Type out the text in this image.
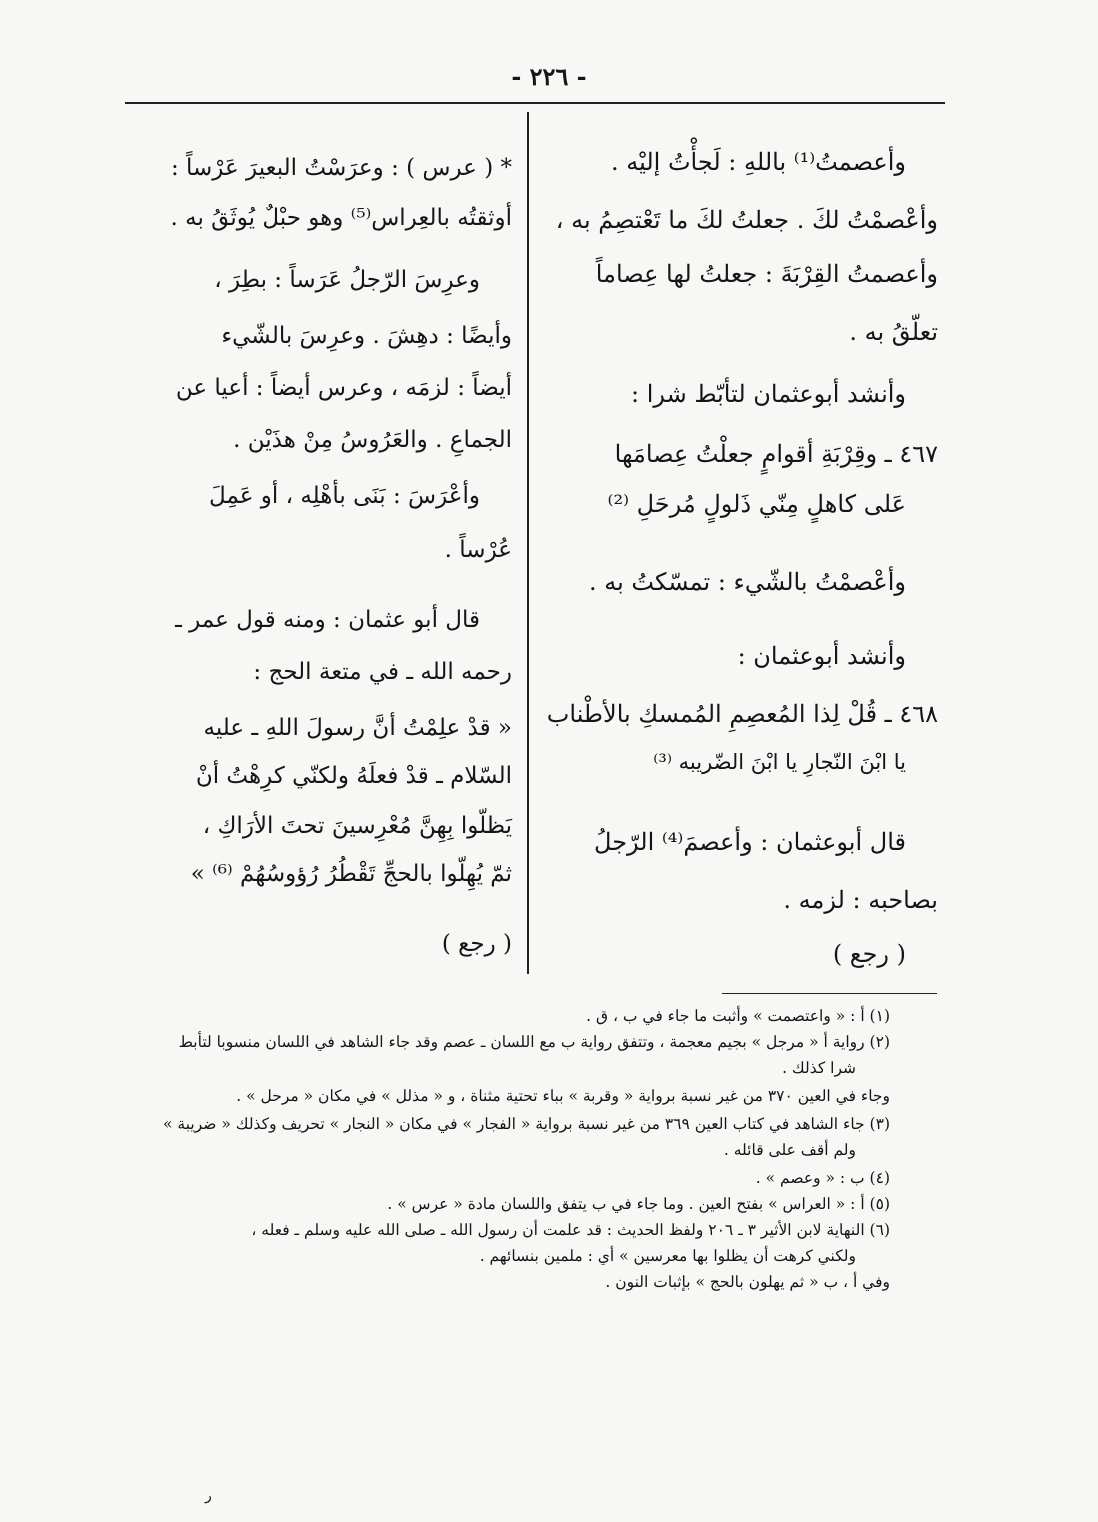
- ٢٢٦ -
وأعصمتُ⁽¹⁾ باللهِ : لَجأْتُ إليْه .
وأعْصمْتُ لكَ . جعلتُ لكَ ما تَعْتصِمُ به ،
وأعصمتُ القِرْبَةَ : جعلتُ لها عِصاماً
تعلّقُ به .
وأنشد أبوعثمان لتأبّط شرا :
٤٦٧ ـ وقِرْبَةِ أقوامٍ جعلْتُ عِصامَها
عَلى كاهلٍ مِنّي ذَلولٍ مُرحَلِ ⁽²⁾
وأعْصمْتُ بالشّيء : تمسّكتُ به .
وأنشد أبوعثمان :
٤٦٨ ـ قُلْ لِذا المُعصِمِ المُمسكِ بالأطْناب
يا ابْنَ النّجارِ يا ابْنَ الضّريبه ⁽³⁾
قال أبوعثمان : وأعصمَ⁽⁴⁾ الرّجلُ
بصاحبه : لزمه .
( رجع )
* ( عرس ) : وعرَسْتُ البعيرَ عَرْساً :
أوثقتُه بالعِراس⁽⁵⁾ وهو حبْلٌ يُوثَقُ به .
وعرِسَ الرّجلُ عَرَساً : بطِرَ ،
وأيضًا : دهِشَ . وعرِسَ بالشّيء
أيضاً : لزمَه ، وعرس أيضاً : أعيا عن
الجماعِ . والعَرُوسُ مِنْ هذَيْن .
وأعْرَسَ : بَنَى بأهْلِه ، أو عَمِلَ
عُرْساً .
قال أبو عثمان : ومنه قول عمر ـ
رحمه الله ـ في متعة الحج :
« قدْ علِمْتُ أنَّ رسولَ اللهِ ـ عليه
السّلام ـ قدْ فعلَهُ ولكنّي كرِهْتُ أنْ
يَظلّوا بِهِنَّ مُعْرِسينَ تحتَ الأرَاكِ ،
ثمّ يُهِلّوا بالحجِّ تَقْطُرُ رُؤوسُهُمْ ⁽⁶⁾ »
( رجع )
(١) أ : « واعتصمت » وأثبت ما جاء في ب ، ق .
(٢) رواية أ « مرجل » بجيم معجمة ، وتتفق رواية ب مع اللسان ـ عصم وقد جاء الشاهد في اللسان منسوبا لتأبط
شرا كذلك .
وجاء في العين ٣٧٠ من غير نسبة برواية « وقربة » بباء تحتية مثناة ، و « مذلل » في مكان « مرحل » .
(٣) جاء الشاهد في كتاب العين ٣٦٩ من غير نسبة برواية « الفجار » في مكان « النجار » تحريف وكذلك « ضريبة »
ولم أقف على قائله .
(٤) ب : « وعصم » .
(٥) أ : « العراس » بفتح العين . وما جاء في ب يتفق واللسان مادة « عرس » .
(٦) النهاية لابن الأثير ٣ ـ ٢٠٦ ولفظ الحديث : قد علمت أن رسول الله ـ صلى الله عليه وسلم ـ فعله ،
ولكني كرهت أن يظلوا بها معرسين » أي : ملمين بنسائهم .
وفي أ ، ب « ثم يهلون بالحج » بإثبات النون .
ر
